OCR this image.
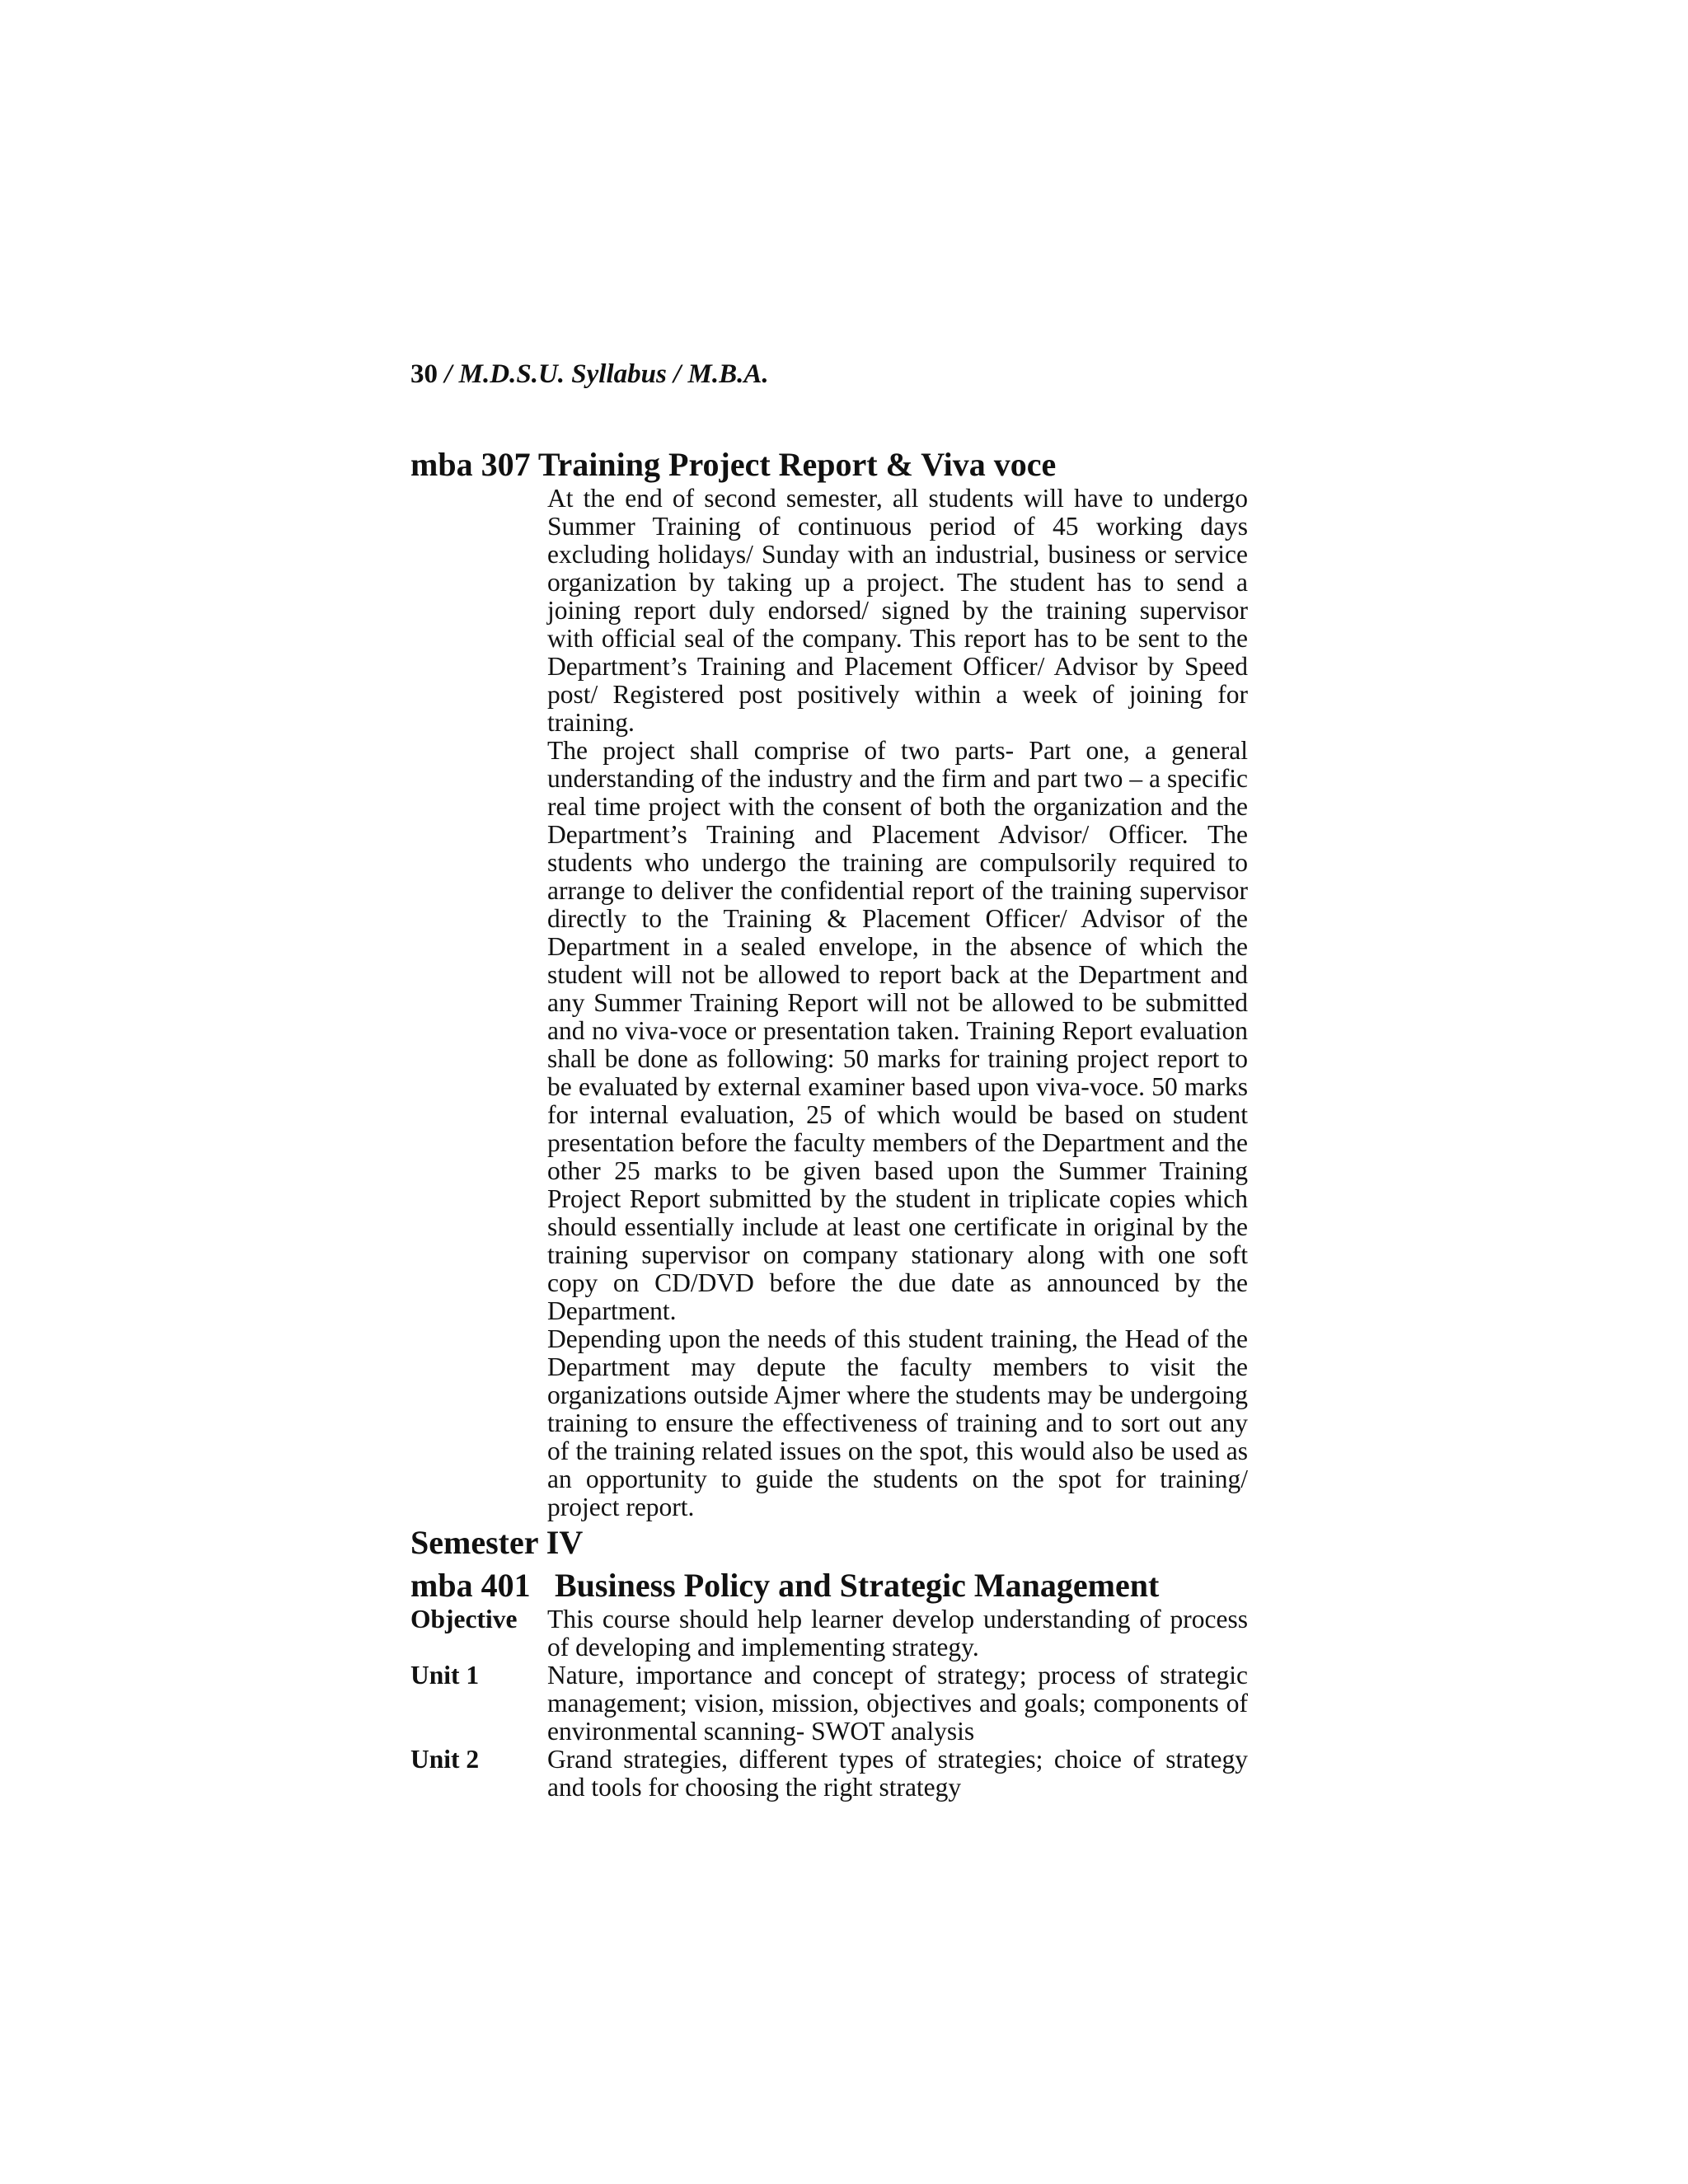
30 / M.D.S.U. Syllabus / M.B.A.
mba 307 Training Project Report & Viva voce

At the end of second semester, all students will have to undergo Summer Training of continuous period of 45 working days excluding holidays/ Sunday with an industrial, business or service organization by taking up a project. The student has to send a joining report duly endorsed/ signed by the training supervisor with official seal of the company. This report has to be sent to the Department’s Training and Placement Officer/ Advisor by Speed post/ Registered post positively within a week of joining for training.

The project shall comprise of two parts- Part one, a general understanding of the industry and the firm and part two – a specific real time project with the consent of both the organization and the Department’s Training and Placement Advisor/ Officer. The students who undergo the training are compulsorily required to arrange to deliver the confidential report of the training supervisor directly to the Training & Placement Officer/ Advisor of the Department in a sealed envelope, in the absence of which the student will not be allowed to report back at the Department and any Summer Training Report will not be allowed to be submitted and no viva-voce or presentation taken. Training Report evaluation shall be done as following: 50 marks for training project report to be evaluated by external examiner based upon viva-voce. 50 marks for internal evaluation, 25 of which would be based on student presentation before the faculty members of the Department and the other 25 marks to be given based upon the Summer Training Project Report submitted by the student in triplicate copies which should essentially include at least one certificate in original by the training supervisor on company stationary along with one soft copy on CD/DVD before the due date as announced by the Department.

Depending upon the needs of this student training, the Head of the Department may depute the faculty members to visit the organizations outside Ajmer where the students may be undergoing training to ensure the effectiveness of training and to sort out any of the training related issues on the spot, this would also be used as an opportunity to guide the students on the spot for training/ project report.

Semester IV
mba 401 Business Policy and Strategic Management
Objective	This course should help learner develop understanding of process of developing and implementing strategy.
Unit 1	Nature, importance and concept of strategy; process of strategic management; vision, mission, objectives and goals; components of environmental scanning- SWOT analysis
Unit 2	Grand strategies, different types of strategies; choice of strategy and tools for choosing the right strategy
